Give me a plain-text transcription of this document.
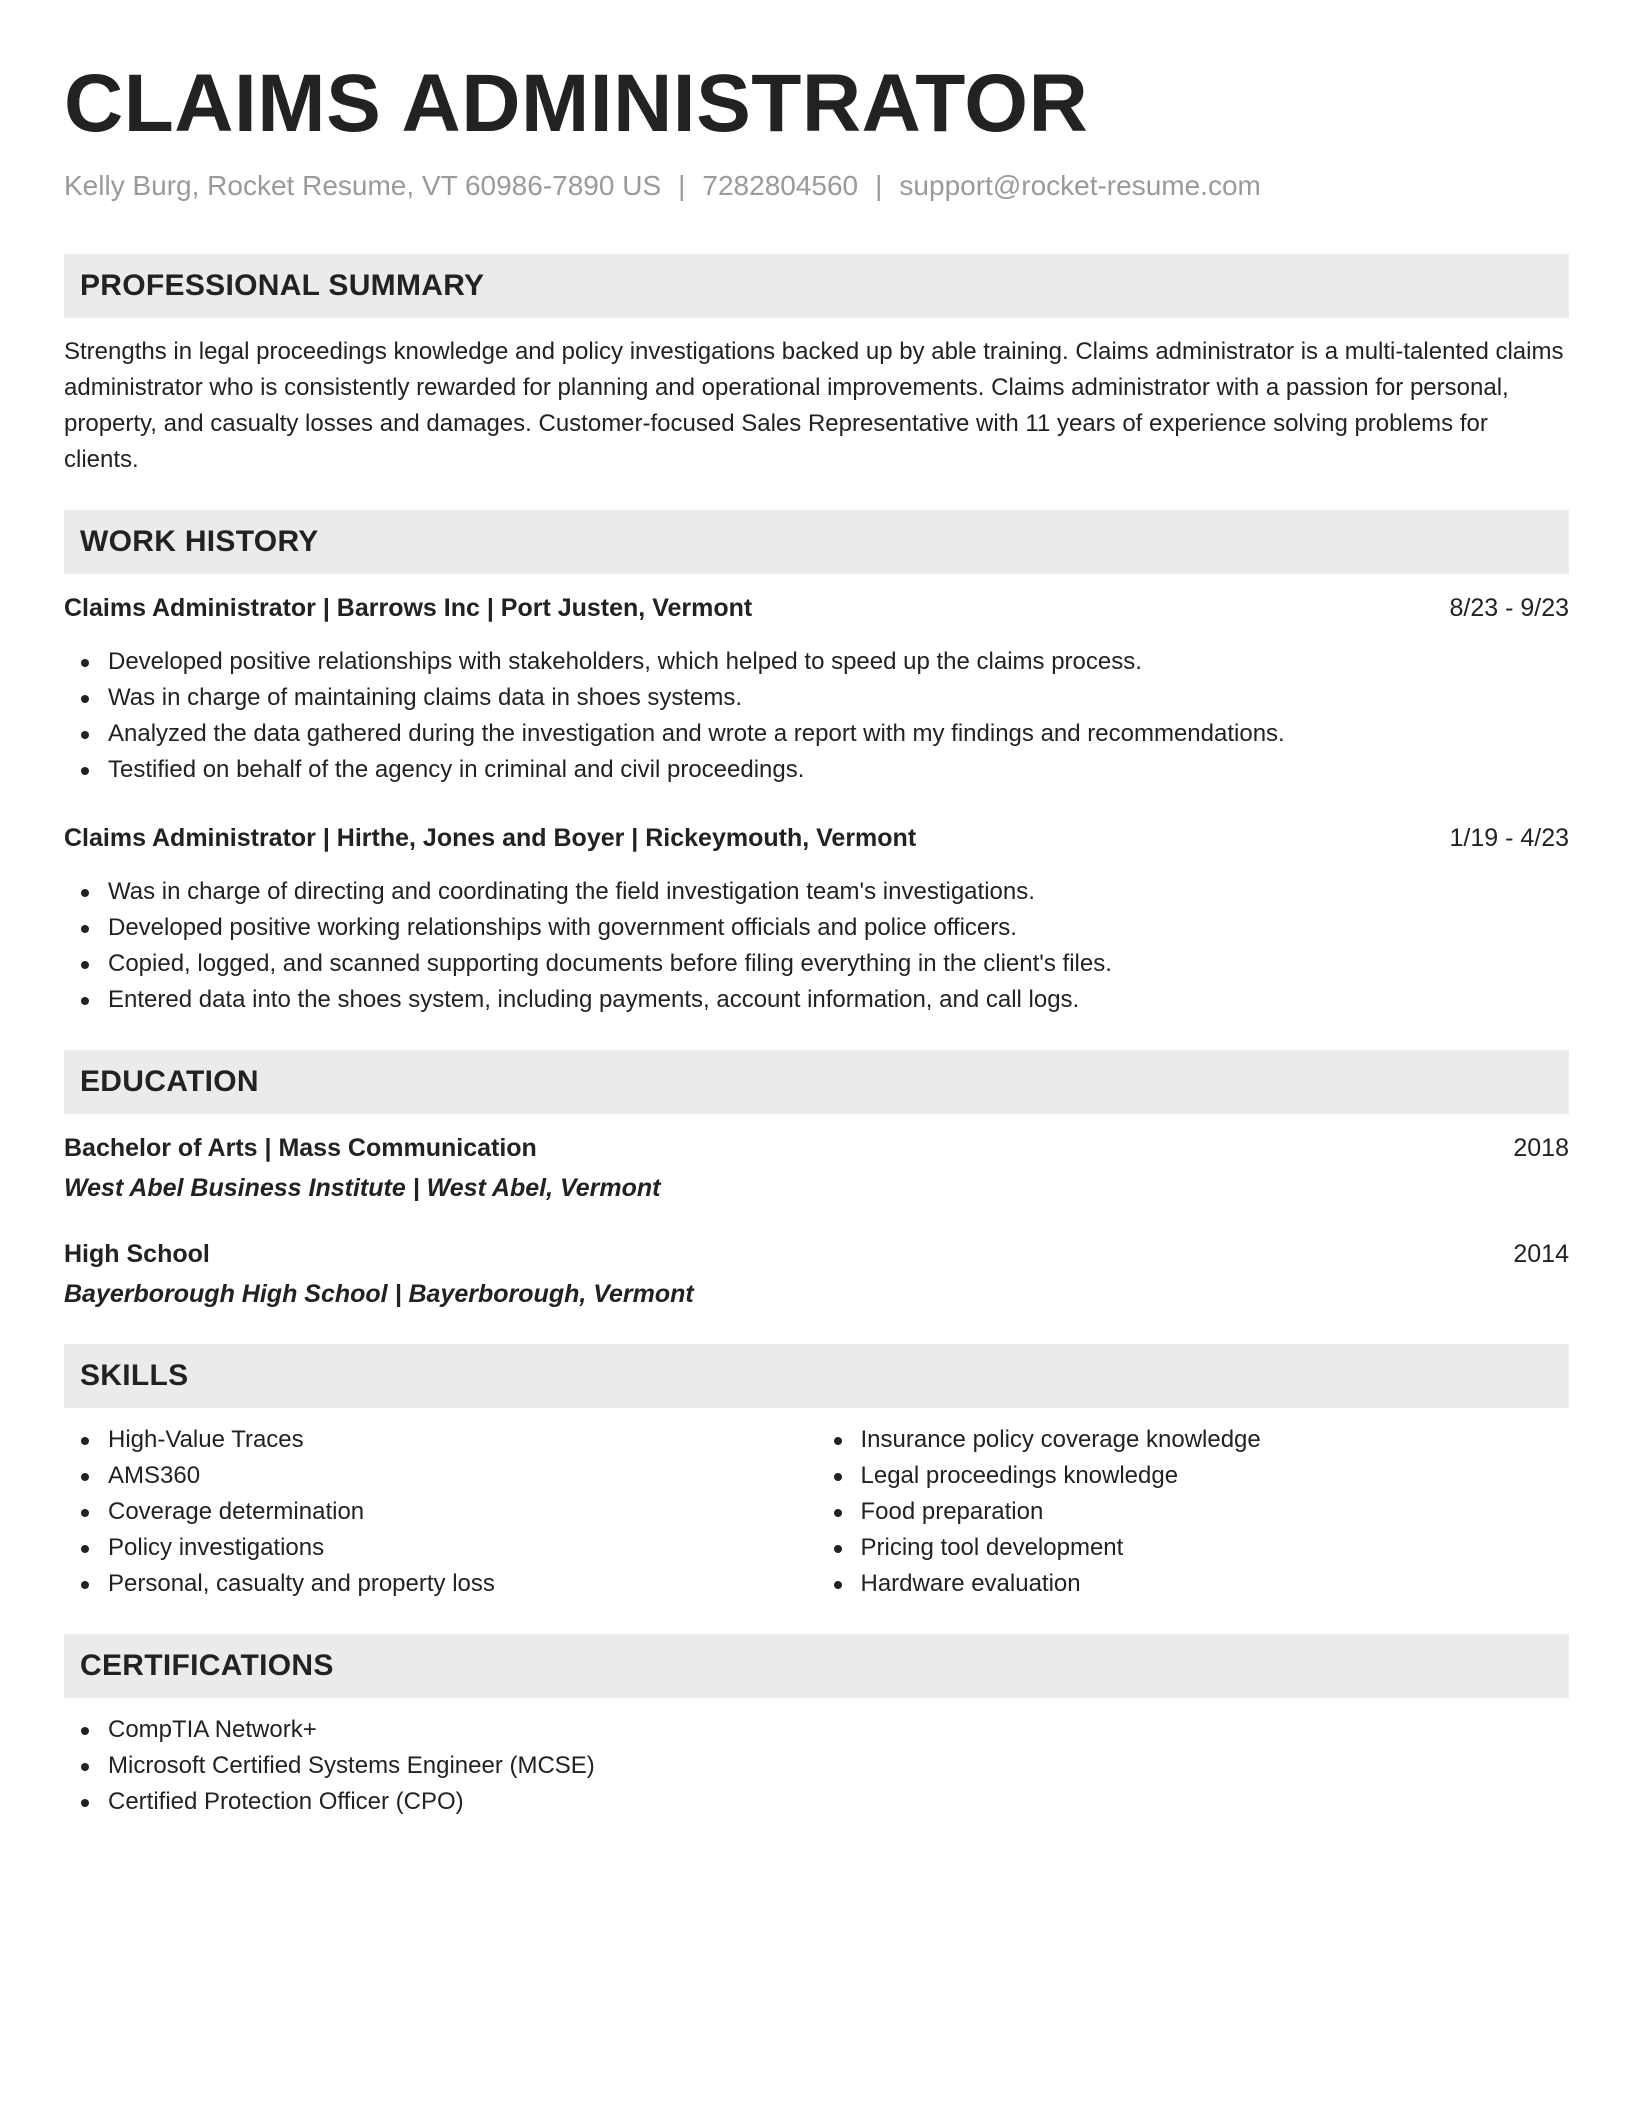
CLAIMS ADMINISTRATOR
Kelly Burg, Rocket Resume, VT 60986-7890 US | 7282804560 | support@rocket-resume.com
PROFESSIONAL SUMMARY

Strengths in legal proceedings knowledge and policy investigations backed up by able training. Claims administrator is a multi-talented claims administrator who is consistently rewarded for planning and operational improvements. Claims administrator with a passion for personal, property, and casualty losses and damages. Customer-focused Sales Representative with 11 years of experience solving problems for clients.

WORK HISTORY
Claims Administrator | Barrows Inc | Port Justen, Vermont	8/23 - 9/23
Developed positive relationships with stakeholders, which helped to speed up the claims process.
Was in charge of maintaining claims data in shoes systems.
Analyzed the data gathered during the investigation and wrote a report with my findings and recommendations.
Testified on behalf of the agency in criminal and civil proceedings.
Claims Administrator | Hirthe, Jones and Boyer | Rickeymouth, Vermont	1/19 - 4/23
Was in charge of directing and coordinating the field investigation team's investigations.
Developed positive working relationships with government officials and police officers.
Copied, logged, and scanned supporting documents before filing everything in the client's files.
Entered data into the shoes system, including payments, account information, and call logs.
EDUCATION
Bachelor of Arts | Mass Communication	2018
West Abel Business Institute | West Abel, Vermont
High School	2014
Bayerborough High School | Bayerborough, Vermont
SKILLS
High-Value Traces
AMS360
Coverage determination
Policy investigations
Personal, casualty and property loss
Insurance policy coverage knowledge
Legal proceedings knowledge
Food preparation
Pricing tool development
Hardware evaluation
CERTIFICATIONS
CompTIA Network+
Microsoft Certified Systems Engineer (MCSE)
Certified Protection Officer (CPO)
